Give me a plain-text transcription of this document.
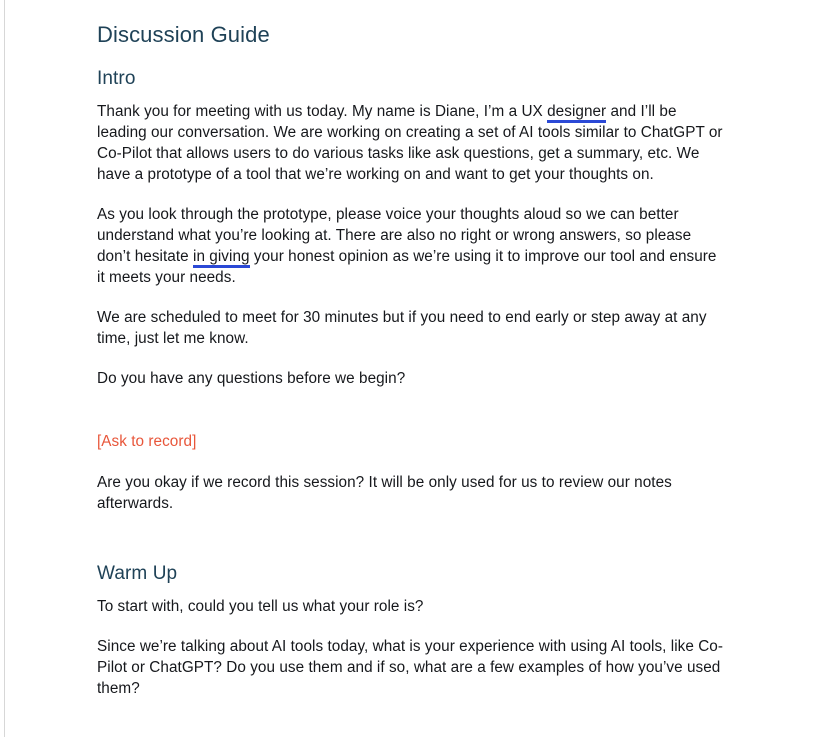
Discussion Guide
Intro

Thank you for meeting with us today. My name is Diane, I’m a UX designer and I’ll be leading our conversation. We are working on creating a set of AI tools similar to ChatGPT or Co-Pilot that allows users to do various tasks like ask questions, get a summary, etc. We have a prototype of a tool that we’re working on and want to get your thoughts on.

As you look through the prototype, please voice your thoughts aloud so we can better understand what you’re looking at. There are also no right or wrong answers, so please don’t hesitate in giving your honest opinion as we’re using it to improve our tool and ensure it meets your needs.

We are scheduled to meet for 30 minutes but if you need to end early or step away at any time, just let me know.

Do you have any questions before we begin?

[Ask to record]

Are you okay if we record this session? It will be only used for us to review our notes afterwards.

Warm Up

To start with, could you tell us what your role is?

Since we’re talking about AI tools today, what is your experience with using AI tools, like Co-Pilot or ChatGPT? Do you use them and if so, what are a few examples of how you’ve used them?
